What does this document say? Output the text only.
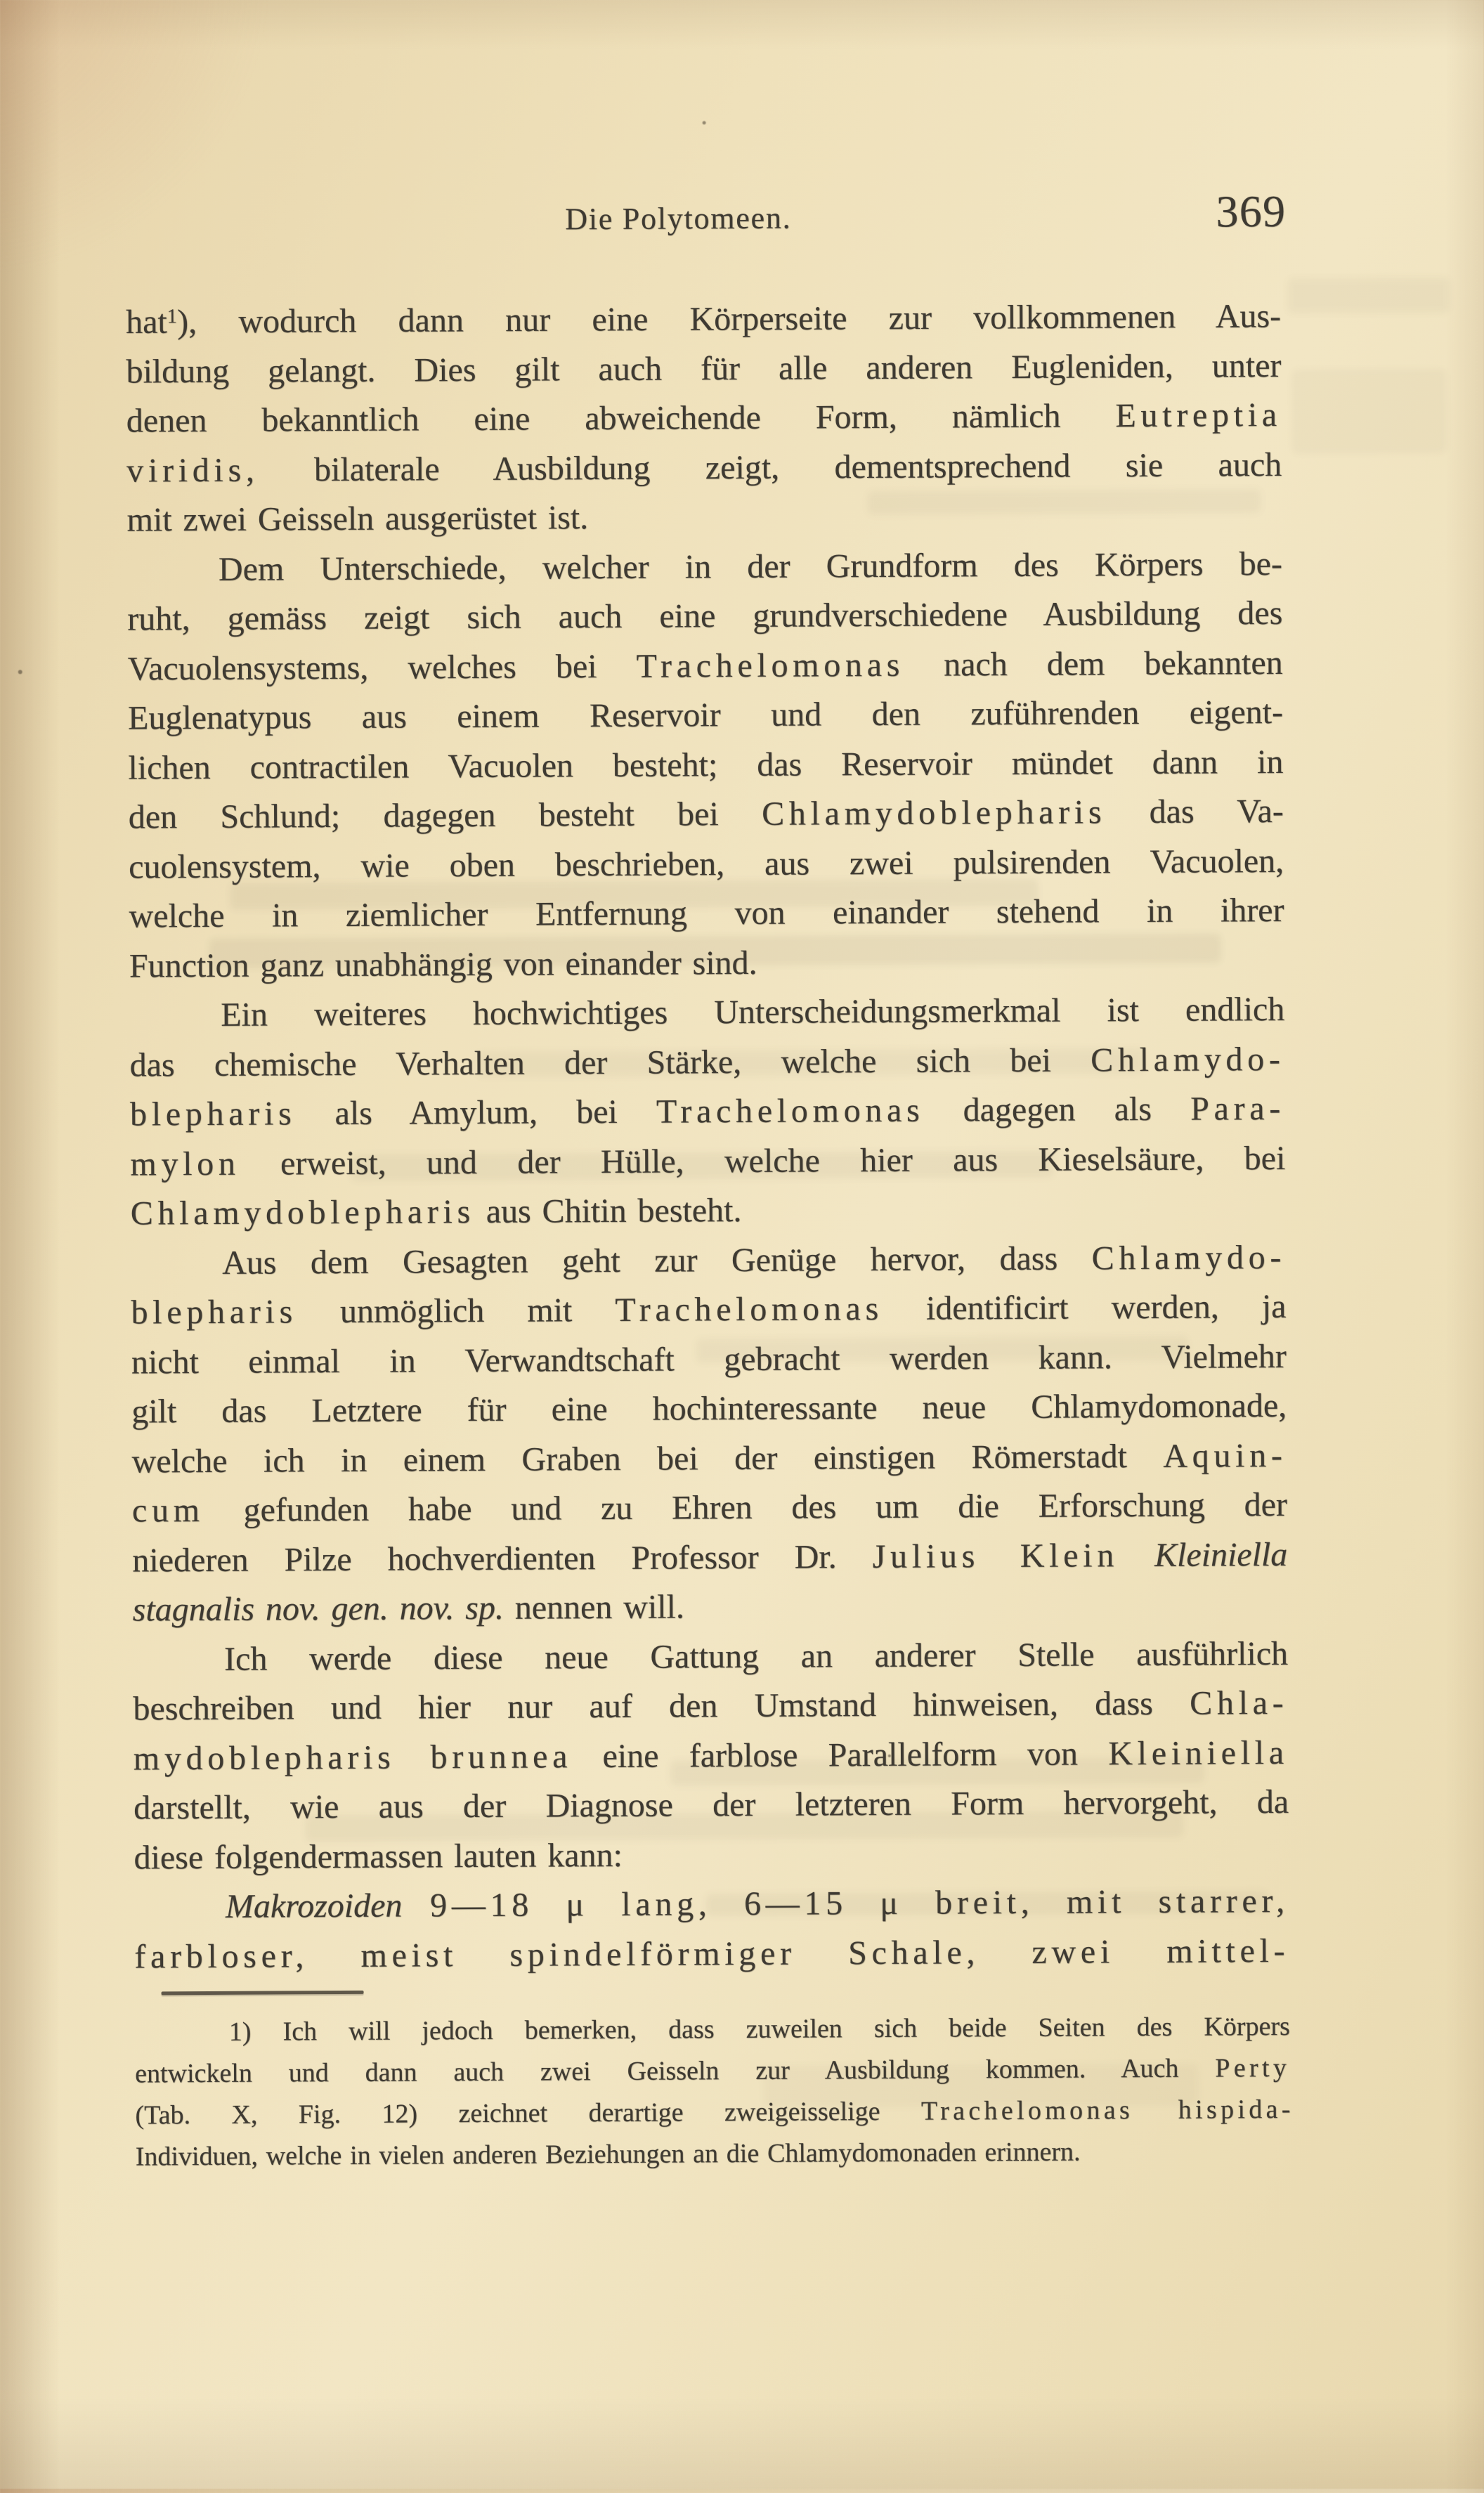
Die Polytomeen.	369
hat$^1$), wodurch dann nur eine Körperseite zur vollkommenen Aus-
bildung gelangt. Dies gilt auch für alle anderen Eugleniden, unter
denen bekanntlich eine abweichende Form, nämlich Eutreptia
viridis, bilaterale Ausbildung zeigt, dementsprechend sie auch
mit zwei Geisseln ausgerüstet ist.
Dem Unterschiede, welcher in der Grundform des Körpers be-
ruht, gemäss zeigt sich auch eine grundverschiedene Ausbildung des
Vacuolensystems, welches bei Trachelomonas nach dem bekannten
Euglenatypus aus einem Reservoir und den zuführenden eigent-
lichen contractilen Vacuolen besteht; das Reservoir mündet dann in
den Schlund; dagegen besteht bei Chlamydoblepharis das Va-
cuolensystem, wie oben beschrieben, aus zwei pulsirenden Vacuolen,
welche in ziemlicher Entfernung von einander stehend in ihrer
Function ganz unabhängig von einander sind.
Ein weiteres hochwichtiges Unterscheidungsmerkmal ist endlich
das chemische Verhalten der Stärke, welche sich bei Chlamydo-
blepharis als Amylum, bei Trachelomonas dagegen als Para-
mylon erweist, und der Hülle, welche hier aus Kieselsäure, bei
Chlamydoblepharis aus Chitin besteht.
Aus dem Gesagten geht zur Genüge hervor, dass Chlamydo-
blepharis unmöglich mit Trachelomonas identificirt werden, ja
nicht einmal in Verwandtschaft gebracht werden kann. Vielmehr
gilt das Letztere für eine hochinteressante neue Chlamydomonade,
welche ich in einem Graben bei der einstigen Römerstadt Aquin-
cum gefunden habe und zu Ehren des um die Erforschung der
niederen Pilze hochverdienten Professor Dr. Julius Klein Kleiniella
stagnalis nov. gen. nov. sp. nennen will.
Ich werde diese neue Gattung an anderer Stelle ausführlich
beschreiben und hier nur auf den Umstand hinweisen, dass Chla-
mydoblepharis brunnea eine farblose Parallelform von Kleiniella
darstellt, wie aus der Diagnose der letzteren Form hervorgeht, da
diese folgendermassen lauten kann:
Makrozoiden 9—18 μ lang, 6—15 μ breit, mit starrer,
farbloser, meist spindelförmiger Schale, zwei mittel-
1) Ich will jedoch bemerken, dass zuweilen sich beide Seiten des Körpers
entwickeln und dann auch zwei Geisseln zur Ausbildung kommen. Auch Perty
(Tab. X, Fig. 12) zeichnet derartige zweigeisselige Trachelomonas hispida-
Individuen, welche in vielen anderen Beziehungen an die Chlamydomonaden erinnern.
